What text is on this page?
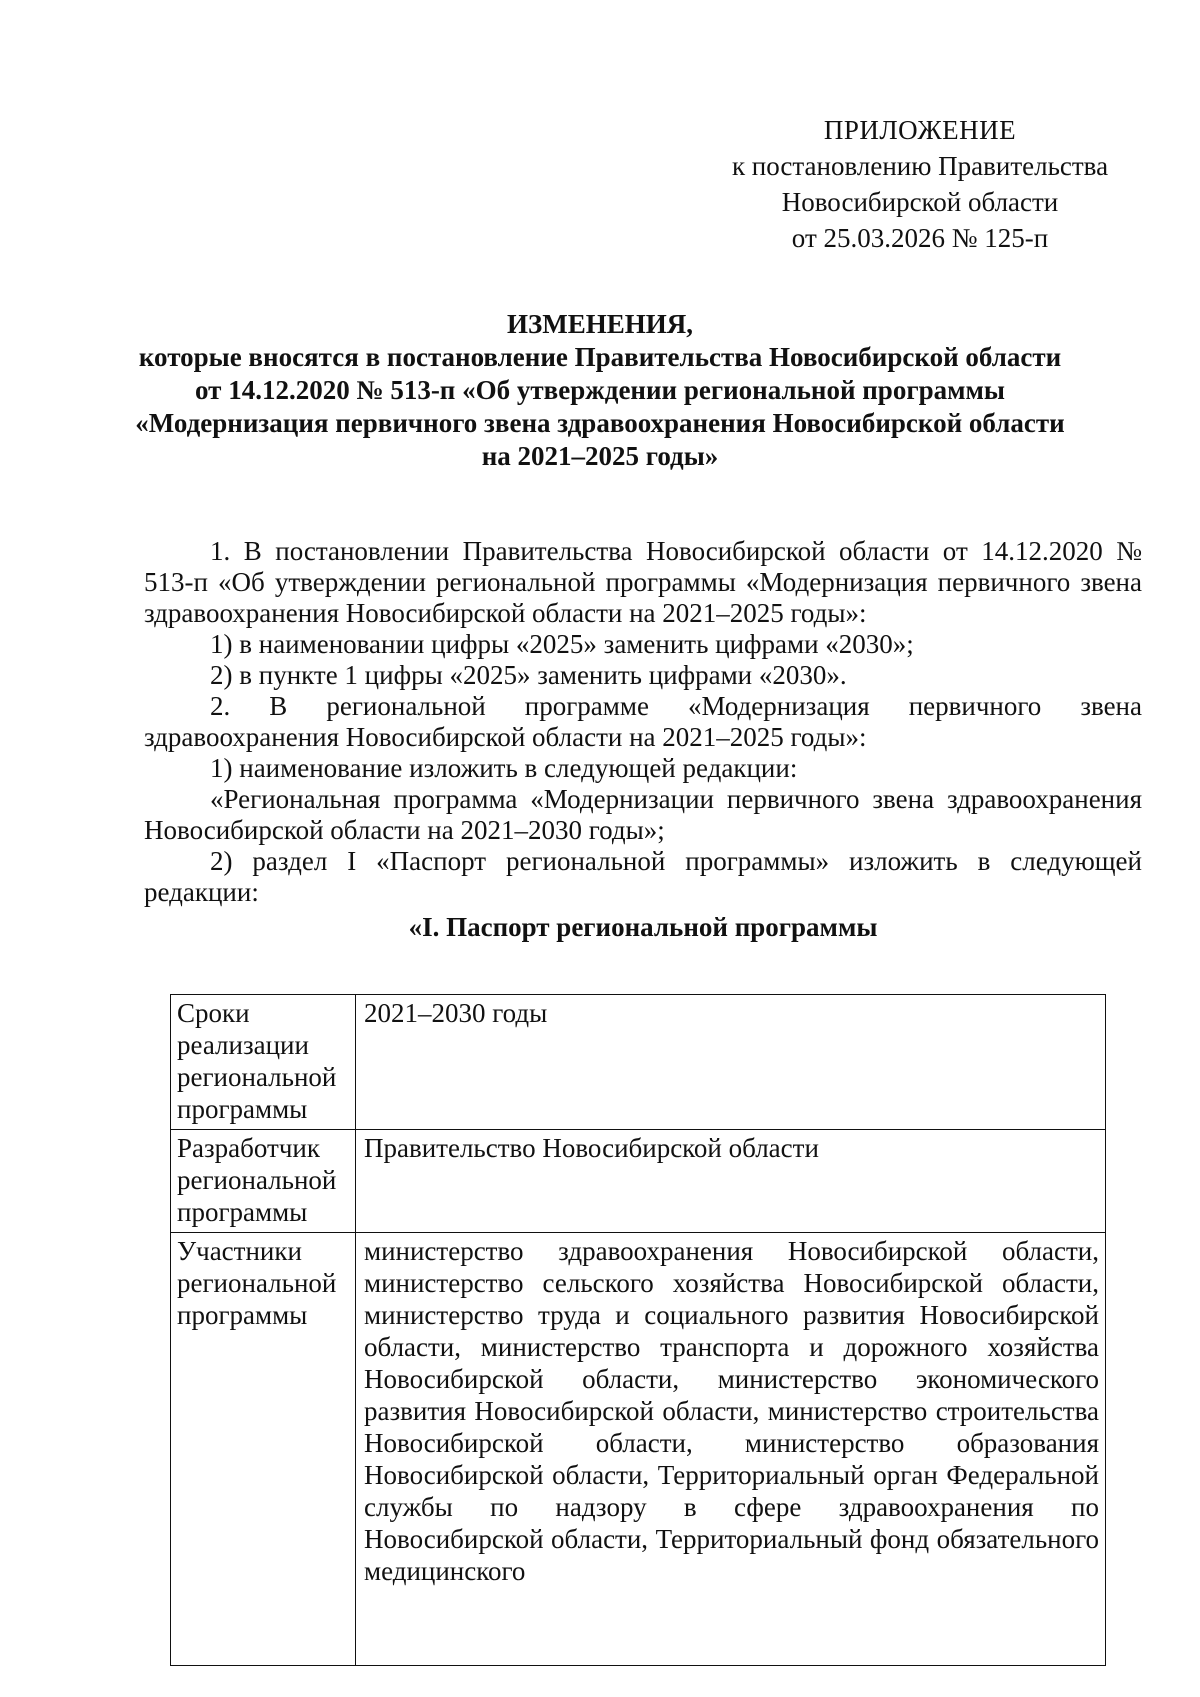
ПРИЛОЖЕНИЕ
к постановлению Правительства
Новосибирской области
от 25.03.2026 № 125-п
ИЗМЕНЕНИЯ,
которые вносятся в постановление Правительства Новосибирской области
от 14.12.2020 № 513-п «Об утверждении региональной программы
«Модернизация первичного звена здравоохранения Новосибирской области
на 2021–2025 годы»

1. В постановлении Правительства Новосибирской области от 14.12.2020 № 513-п «Об утверждении региональной программы «Модернизация первичного звена здравоохранения Новосибирской области на 2021–2025 годы»:

1) в наименовании цифры «2025» заменить цифрами «2030»;

2) в пункте 1 цифры «2025» заменить цифрами «2030».

2. В региональной программе «Модернизация первичного звена здравоохранения Новосибирской области на 2021–2025 годы»:

1) наименование изложить в следующей редакции:

«Региональная программа «Модернизации первичного звена здравоохранения Новосибирской области на 2021–2030 годы»;

2) раздел I «Паспорт региональной программы» изложить в следующей редакции:

«I. Паспорт региональной программы
Сроки реализации региональной программы	2021–2030 годы
Разработчик региональной программы	Правительство Новосибирской области
Участники региональной программы	министерство здравоохранения Новосибирской области, министерство сельского хозяйства Новосибирской области, министерство труда и социального развития Новосибирской области, министерство транспорта и дорожного хозяйства Новосибирской области, министерство экономического развития Новосибирской области, министерство строительства Новосибирской области, министерство образования Новосибирской области, Территориальный орган Федеральной службы по надзору в сфере здравоохранения по Новосибирской области, Территориальный фонд обязательного медицинского
